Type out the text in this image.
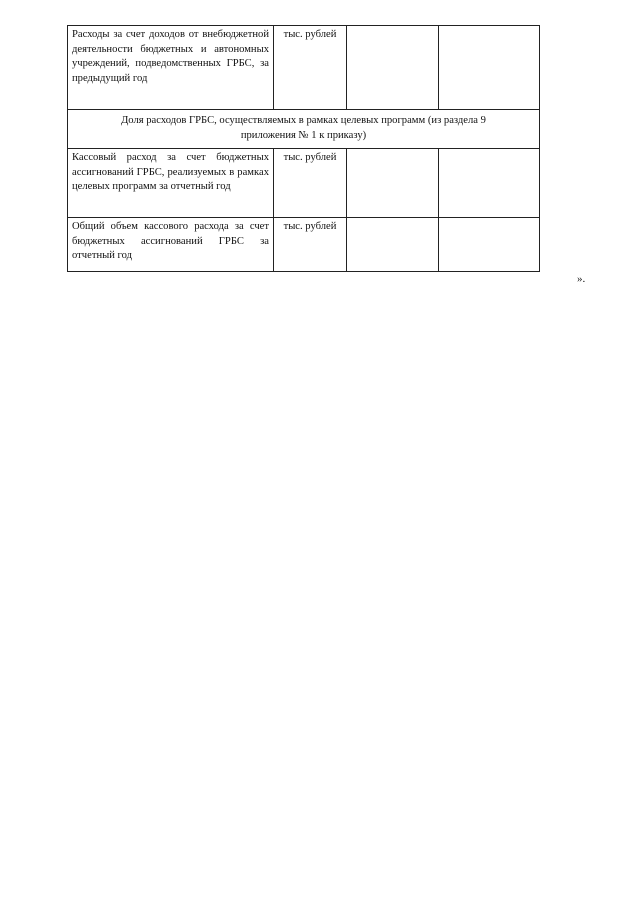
Расходы за счет доходов от внебюджетной деятельности бюджетных и автономных учреждений, подведомственных ГРБС, за предыдущий год	тыс. рублей		
Доля расходов ГРБС, осуществляемых в рамках целевых программ (из раздела 9 приложения № 1 к приказу)			
Кассовый расход за счет бюджетных ассигнований ГРБС, реализуемых в рамках целевых программ за отчетный год	тыс. рублей		
Общий объем кассового расхода за счет бюджетных ассигнований ГРБС за отчетный год	тыс. рублей		
».
